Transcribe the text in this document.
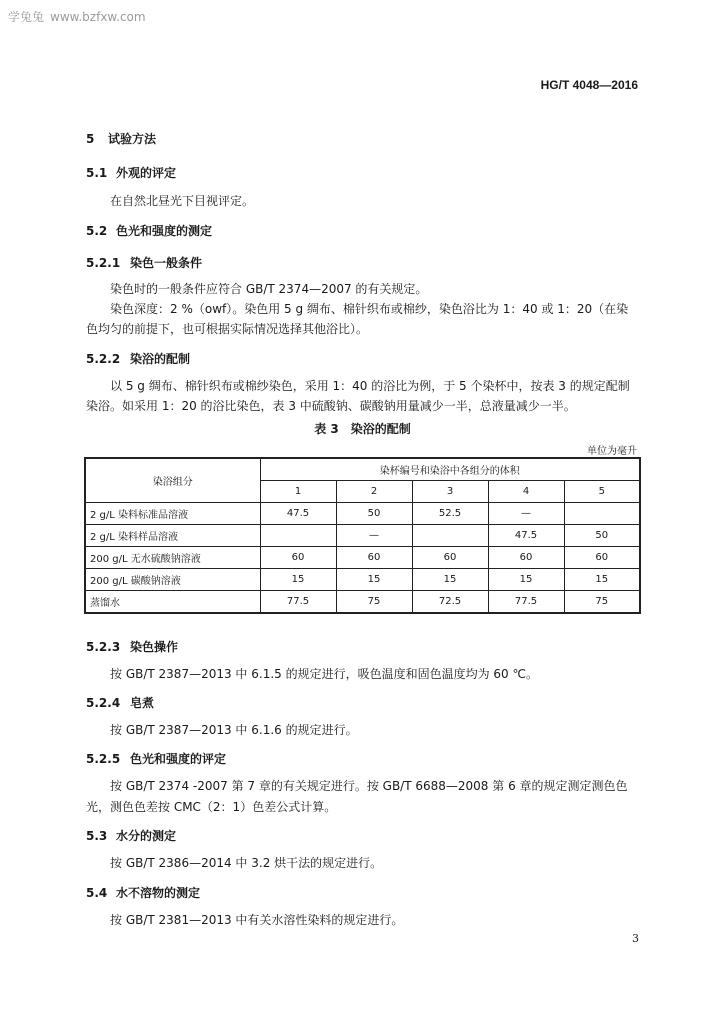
学兔兔 www.bzfxw.com
HG/T 4048—2016
5 试验方法
5.1 外观的评定
在自然北昼光下目视评定。
5.2 色光和强度的测定
5.2.1 染色一般条件
染色时的一般条件应符合 GB/T 2374—2007 的有关规定。
染色深度：2 %（owf）。染色用 5 g 绸布、棉针织布或棉纱，染色浴比为 1：40 或 1：20（在染
色均匀的前提下，也可根据实际情况选择其他浴比）。
5.2.2 染浴的配制
以 5 g 绸布、棉针织布或棉纱染色，采用 1：40 的浴比为例，于 5 个染杯中，按表 3 的规定配制
染浴。如采用 1：20 的浴比染色，表 3 中硫酸钠、碳酸钠用量减少一半，总液量减少一半。
表 3　染浴的配制
单位为毫升
染浴组分	染杯编号和染浴中各组分的体积				
	1	2	3	4	5
2 g/L 染料标准品溶液	47.5	50	52.5	—	
2 g/L 染料样品溶液		—		47.5	50
200 g/L 无水硫酸钠溶液	60	60	60	60	60
200 g/L 碳酸钠溶液	15	15	15	15	15
蒸馏水	77.5	75	72.5	77.5	75
5.2.3 染色操作
按 GB/T 2387—2013 中 6.1.5 的规定进行，吸色温度和固色温度均为 60 ℃。
5.2.4 皂煮
按 GB/T 2387—2013 中 6.1.6 的规定进行。
5.2.5 色光和强度的评定
按 GB/T 2374 -2007 第 7 章的有关规定进行。按 GB/T 6688—2008 第 6 章的规定测定测色色
光，测色色差按 CMC（2：1）色差公式计算。
5.3 水分的测定
按 GB/T 2386—2014 中 3.2 烘干法的规定进行。
5.4 水不溶物的测定
按 GB/T 2381—2013 中有关水溶性染料的规定进行。
3
